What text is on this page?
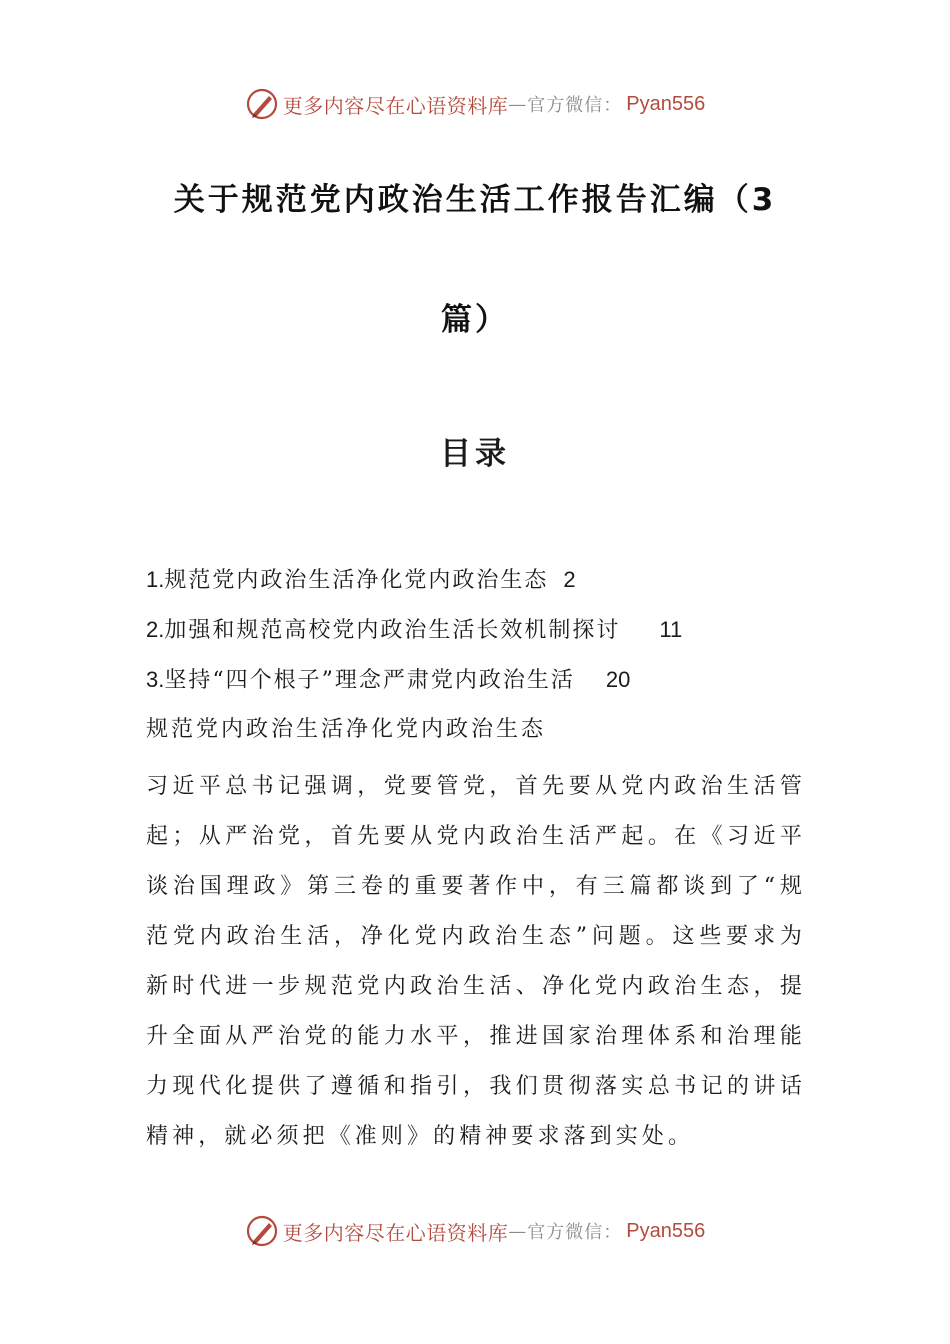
更多内容尽在心语资料库 — 官方微信： Pyan556
关于规范党内政治生活工作报告汇编（3
篇）
目录
1.规范党内政治生活净化党内政治生态 2
2.加强和规范高校党内政治生活长效机制探讨 11
3.坚持“四个根子”理念严肃党内政治生活 20
规范党内政治生活净化党内政治生态

习近平总书记强调，党要管党，首先要从党内政治生活管起；从严治党，首先要从党内政治生活严起。在《习近平谈治国理政》第三卷的重要著作中，有三篇都谈到了“规范党内政治生活，净化党内政治生态”问题。这些要求为新时代进一步规范党内政治生活、净化党内政治生态，提升全面从严治党的能力水平，推进国家治理体系和治理能力现代化提供了遵循和指引，我们贯彻落实总书记的讲话精神，就必须把《准则》的精神要求落到实处。

更多内容尽在心语资料库 — 官方微信： Pyan556
